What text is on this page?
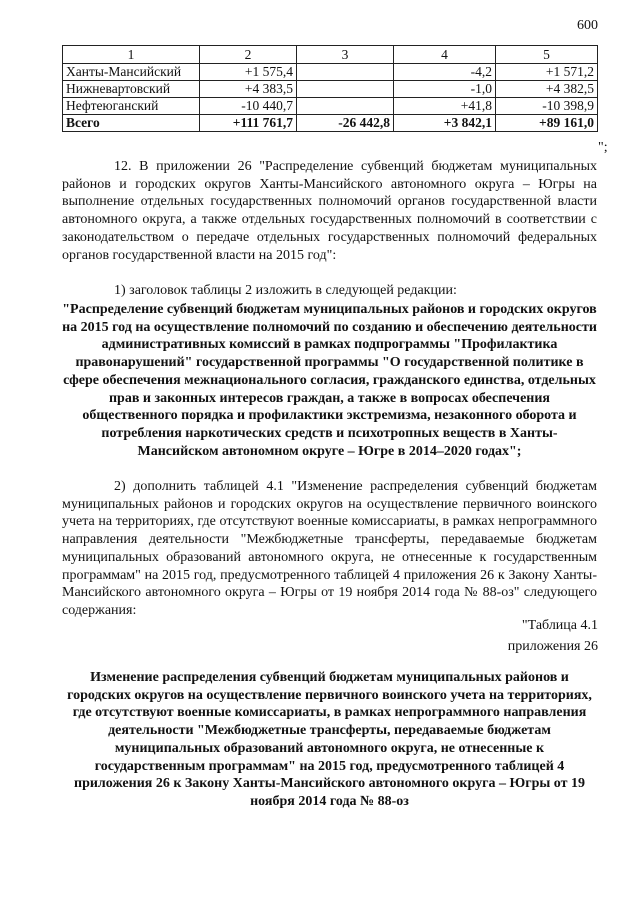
600
1	2	3	4	5
Ханты-Мансийский	+1 575,4		-4,2	+1 571,2
Нижневартовский	+4 383,5		-1,0	+4 382,5
Нефтеюганский	-10 440,7		+41,8	-10 398,9
Всего	+111 761,7	-26 442,8	+3 842,1	+89 161,0
";

12. В приложении 26 "Распределение субвенций бюджетам муниципальных районов и городских округов Ханты-Мансийского автономного округа – Югры на выполнение отдельных государственных полномочий органов государственной власти автономного округа, а также отдельных государственных полномочий в соответствии с законодательством о передаче отдельных государственных полномочий федеральных органов государственной власти на 2015 год":

1) заголовок таблицы 2 изложить в следующей редакции:

"Распределение субвенций бюджетам муниципальных районов и городских округов на 2015 год на осуществление полномочий по созданию и обеспечению деятельности административных комиссий в рамках подпрограммы "Профилактика правонарушений" государственной программы "О государственной политике в сфере обеспечения межнационального согласия, гражданского единства, отдельных прав и законных интересов граждан, а также в вопросах обеспечения общественного порядка и профилактики экстремизма, незаконного оборота и потребления наркотических средств и психотропных веществ в Ханты-Мансийском автономном округе – Югре в 2014–2020 годах";

2) дополнить таблицей 4.1 "Изменение распределения субвенций бюджетам муниципальных районов и городских округов на осуществление первичного воинского учета на территориях, где отсутствуют военные комиссариаты, в рамках непрограммного направления деятельности "Межбюджетные трансферты, передаваемые бюджетам муниципальных образований автономного округа, не отнесенные к государственным программам" на 2015 год, предусмотренного таблицей 4 приложения 26 к Закону Ханты-Мансийского автономного округа – Югры от 19 ноября 2014 года № 88-оз" следующего содержания:

"Таблица 4.1
приложения 26

Изменение распределения субвенций бюджетам муниципальных районов и городских округов на осуществление первичного воинского учета на территориях, где отсутствуют военные комиссариаты, в рамках непрограммного направления деятельности "Межбюджетные трансферты, передаваемые бюджетам муниципальных образований автономного округа, не отнесенные к государственным программам" на 2015 год, предусмотренного таблицей 4 приложения 26 к Закону Ханты-Мансийского автономного округа – Югры от 19 ноября 2014 года № 88-оз
